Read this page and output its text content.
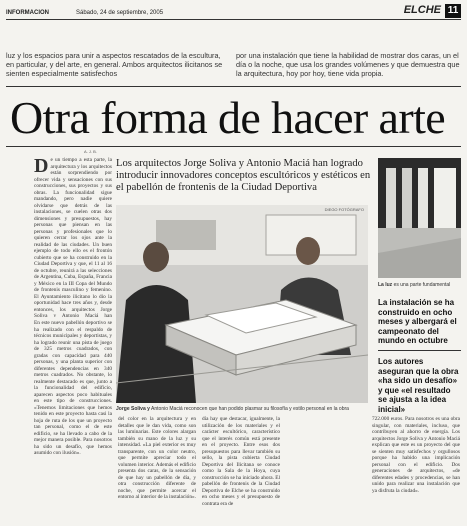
INFORMACION	Sábado, 24 de septiembre, 2005	ELCHE 11
luz y los espacios para unir a aspectos rescatados de la escultura, en particular, y del arte, en general. Ambos arquitectos ilicitanos se sienten especialmente satisfechos
por una instalación que tiene la habilidad de mostrar dos caras, un el día o la noche, que usa los grandes volúmenes y que demuestra que la arquitectura, hoy por hoy, tiene vida propia.
Otra forma de hacer arte
A. J. B.
Los arquitectos Jorge Soliva y Antonio Maciá han logrado introducir innovadores conceptos escultóricos y estéticos en el pabellón de frontenis de la Ciudad Deportiva
De un tiempo a esta parte, la arquitectura y los arquitectos están sorprendiendo por ofrecer vida y sensaciones con sus construcciones, sus proyectos y sus obras. La funcionalidad sigue mandando, pero nadie quiere olvidarse que detrás de las instalaciones, se cuelen otras dos dimensiones y presupuestos, hay personas que piensan en las personas y profesionales que lo quieren cerrar los ojos ante la realidad de las ciudades. Un buen ejemplo de todo ello es el frontón cubierto que se ha construido en la Ciudad Deportiva y que, el 11 al 16 de octubre, reunirá a las selecciones de Argentina, Cuba, España, Francia y México en la III Copa del Mundo de frontenis masculino y femenino. El Ayuntamiento ilicitano lo dio la oportunidad hace tres años y, desde entonces, los arquitectos Jorge Soliva y Antonio Maciá han
En este nuevo pabellón deportivo se ha realizado con el respaldo de técnicos municipales y deportistas, y ha logrado reunir una pista de juego de 325 metros cuadrados, con gradas con capacidad para 440 personas, y una planta superior con diferentes dependencias en 340 metros cuadrados. No obstante, lo realmente destacado es que, junto a la funcionalidad del edificio, aparecen aspectos poco habituales en este tipo de construcciones. «Tenemos limitaciones que hemos tenido en este proyecto hasta casi la hoja de ruta de los que un proyecto tan personal, como el de este edificio, se ha llevado a cabo de la mejor manera posible. Para nosotros ha sido un desafío, que hemos asumido con ilusión».
DIEGO FOTÓGRAFO
Jorge Soliva y Antonio Maciá reconocen que han podido plasmar su filosofía y estilo personal en la obra
del color en la arquitectura y en detalles que le dan vida, como son las luminarias. Este colores alargan también su mano de la luz y su intensidad. «La piel exterior es muy transparente, con un color neutro, que permite apreciar todo el volumen interior. Además el edificio presenta dos caras, de la sensación de que hay un pabellón de día, y otra construcción diferente de noche, que permite acercar el entorno al interior de la instalación».
día hay que destacar, igualmente, la utilización de los materiales y el carácter escultórico, característico que el interés común está presente en el proyecto. Entre esos dos presupuestos para llevar también su sello, la pista cubierta Ciudad Deportiva del Ilicitana se conoce como la Sala de la Hoya, cuya construcción se ha iniciado ahora. El pabellón de frontenis de la Ciudad Deportiva de Elche se ha construido en ocho meses y el presupuesto de contrata era de
722.000 euros. Para nosotros es una obra singular, con materiales, incluso, que contribuyen al ahorro de energía. Los arquitectos Jorge Soliva y Antonio Maciá explican que este es un proyecto del que se sienten muy satisfechos y orgullosos porque ha habido una implicación personal con el edificio. Dos generaciones de arquitectos, «de diferentes edades y procedencias, se han unido para realizar una instalación que ya disfruta la ciudad».
La luz es una parte fundamental
La instalación se ha construido en ocho meses y albergará el campeonato del mundo en octubre
Los autores aseguran que la obra «ha sido un desafío» y que «el resultado se ajusta a la idea inicial»
